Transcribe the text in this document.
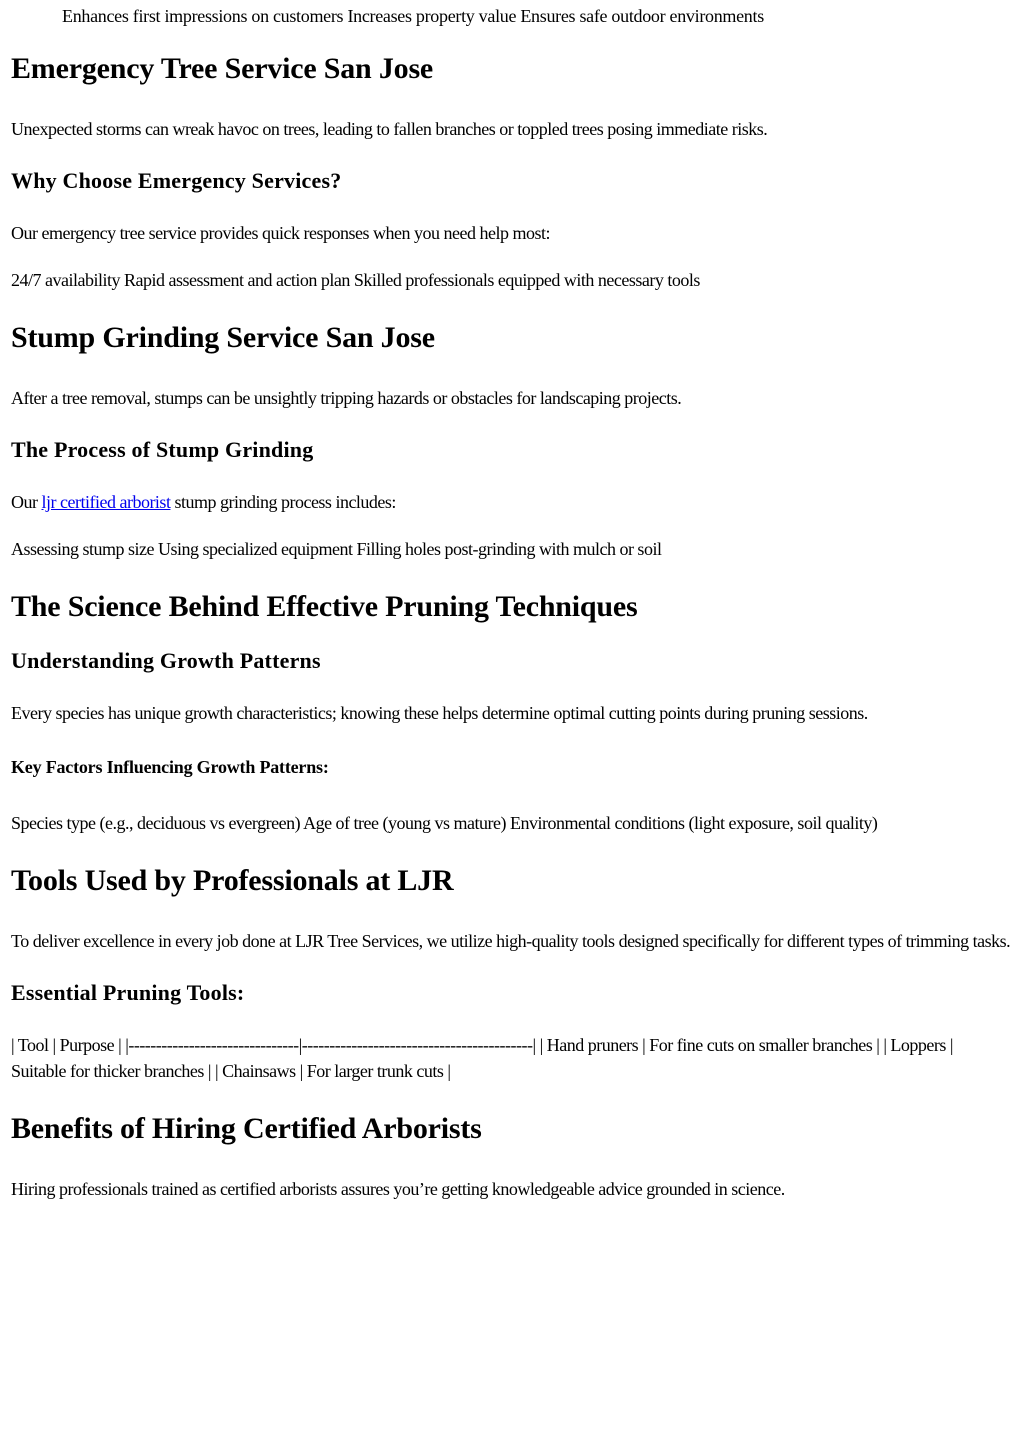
Enhances first impressions on customers Increases property value Ensures safe outdoor environments

Emergency Tree Service San Jose

Unexpected storms can wreak havoc on trees, leading to fallen branches or toppled trees posing immediate risks.

Why Choose Emergency Services?

Our emergency tree service provides quick responses when you need help most:

24/7 availability Rapid assessment and action plan Skilled professionals equipped with necessary tools

Stump Grinding Service San Jose

After a tree removal, stumps can be unsightly tripping hazards or obstacles for landscaping projects.

The Process of Stump Grinding

Our ljr certified arborist stump grinding process includes:

Assessing stump size Using specialized equipment Filling holes post-grinding with mulch or soil

The Science Behind Effective Pruning Techniques
Understanding Growth Patterns

Every species has unique growth characteristics; knowing these helps determine optimal cutting points during pruning sessions.

Key Factors Influencing Growth Patterns:

Species type (e.g., deciduous vs evergreen) Age of tree (young vs mature) Environmental conditions (light exposure, soil quality)

Tools Used by Professionals at LJR

To deliver excellence in every job done at LJR Tree Services, we utilize high-quality tools designed specifically for different types of trimming tasks.

Essential Pruning Tools:

| Tool | Purpose | |-------------------------------|------------------------------------------| | Hand pruners | For fine cuts on smaller branches | | Loppers | Suitable for thicker branches | | Chainsaws | For larger trunk cuts |

Benefits of Hiring Certified Arborists

Hiring professionals trained as certified arborists assures you’re getting knowledgeable advice grounded in science.
